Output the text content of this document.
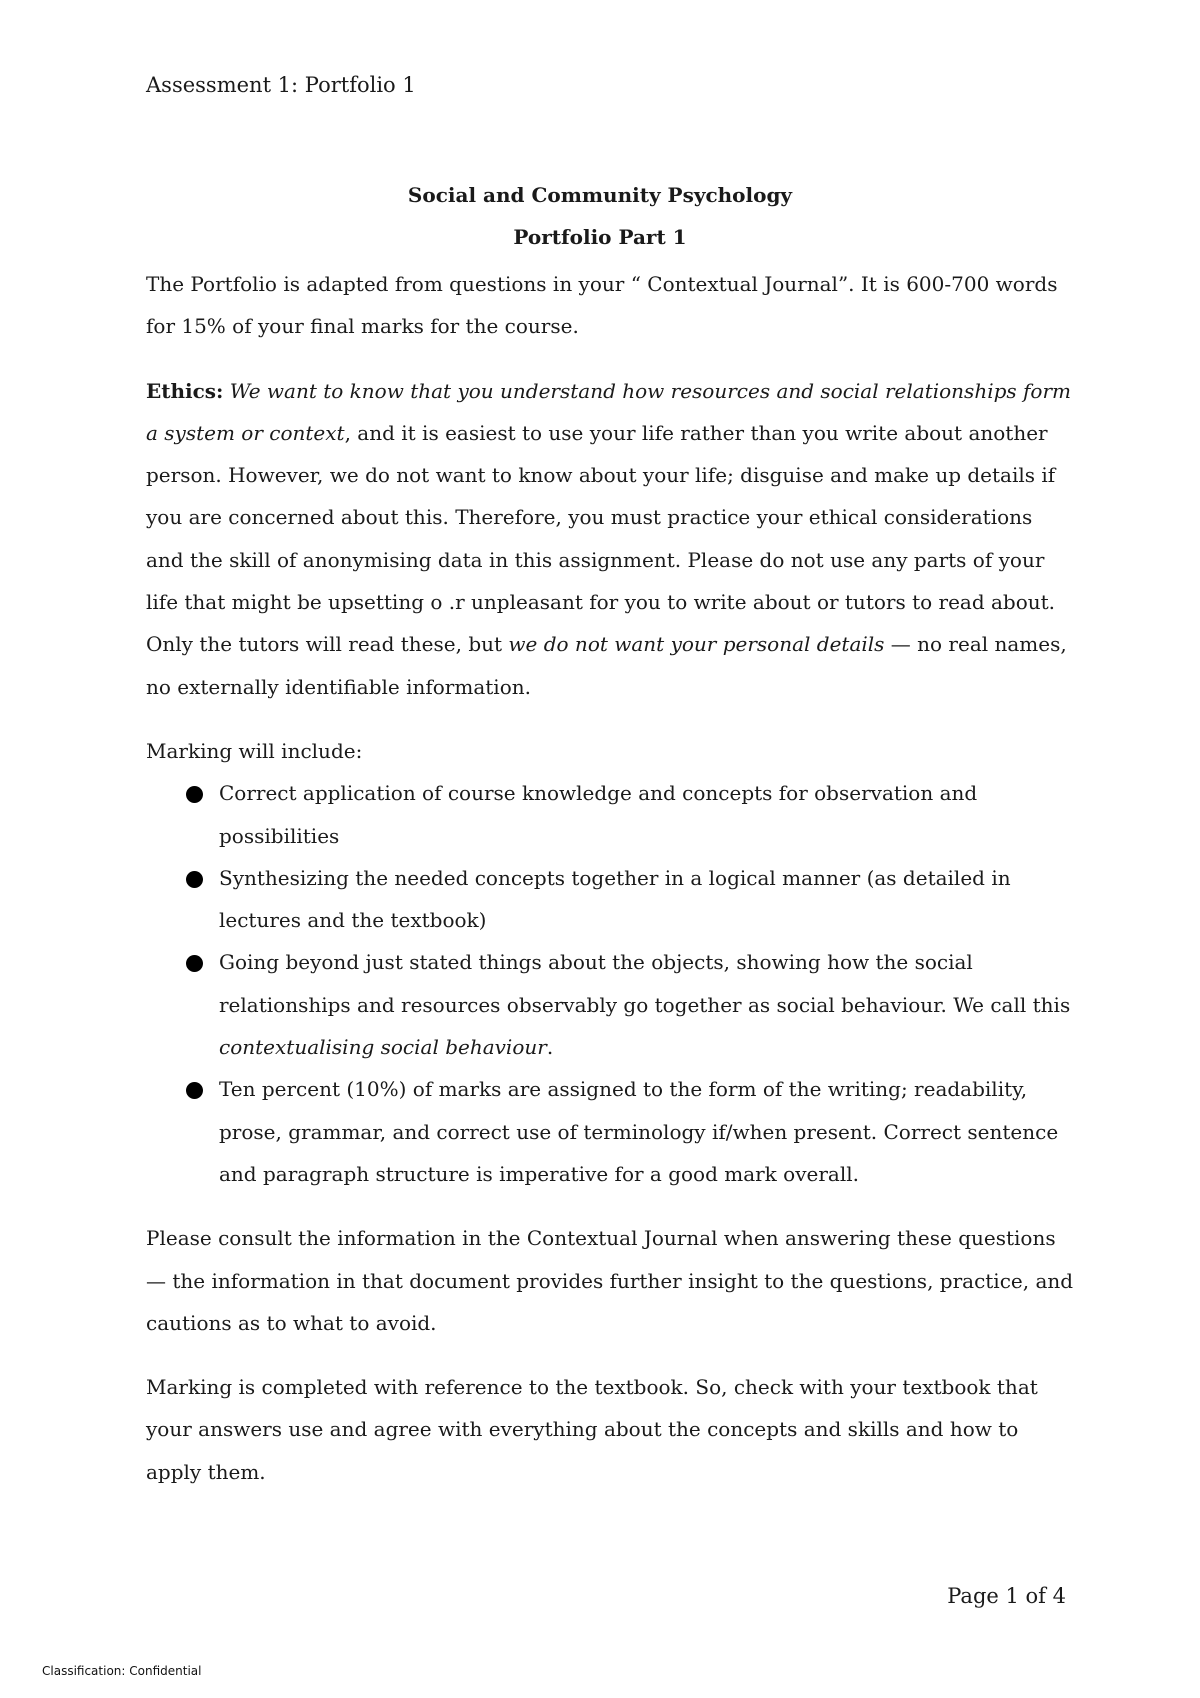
Assessment 1: Portfolio 1
Social and Community Psychology
Portfolio Part 1

The Portfolio is adapted from questions in your “ Contextual Journal”. It is 600-700 words for 15% of your final marks for the course.

Ethics: We want to know that you understand how resources and social relationships form a system or context, and it is easiest to use your life rather than you write about another person. However, we do not want to know about your life; disguise and make up details if you are concerned about this. Therefore, you must practice your ethical considerations and the skill of anonymising data in this assignment. Please do not use any parts of your life that might be upsetting o .r unpleasant for you to write about or tutors to read about. Only the tutors will read these, but we do not want your personal details — no real names, no externally identifiable information.

Marking will include:

Correct application of course knowledge and concepts for observation and possibilities
Synthesizing the needed concepts together in a logical manner (as detailed in lectures and the textbook)
Going beyond just stated things about the objects, showing how the social relationships and resources observably go together as social behaviour. We call this contextualising social behaviour.
Ten percent (10%) of marks are assigned to the form of the writing; readability, prose, grammar, and correct use of terminology if/when present. Correct sentence and paragraph structure is imperative for a good mark overall.

Please consult the information in the Contextual Journal when answering these questions — the information in that document provides further insight to the questions, practice, and cautions as to what to avoid.

Marking is completed with reference to the textbook. So, check with your textbook that your answers use and agree with everything about the concepts and skills and how to apply them.

Page 1 of 4
Classification: Confidential
